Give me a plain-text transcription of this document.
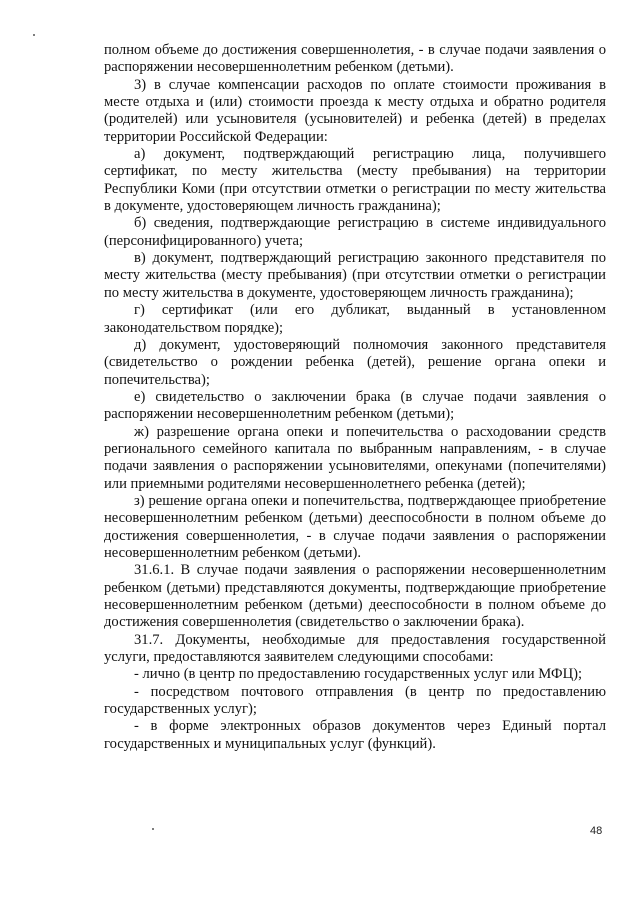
полном объеме до достижения совершеннолетия, - в случае подачи заявления о распоряжении несовершеннолетним ребенком (детьми).

3) в случае компенсации расходов по оплате стоимости проживания в месте отдыха и (или) стоимости проезда к месту отдыха и обратно родителя (родителей) или усыновителя (усыновителей) и ребенка (детей) в пределах территории Российской Федерации:

а) документ, подтверждающий регистрацию лица, получившего сертификат, по месту жительства (месту пребывания) на территории Республики Коми (при отсутствии отметки о регистрации по месту жительства в документе, удостоверяющем личность гражданина);

б) сведения, подтверждающие регистрацию в системе индивидуального (персонифицированного) учета;

в) документ, подтверждающий регистрацию законного представителя по месту жительства (месту пребывания) (при отсутствии отметки о регистрации по месту жительства в документе, удостоверяющем личность гражданина);

г) сертификат (или его дубликат, выданный в установленном законодательством порядке);

д) документ, удостоверяющий полномочия законного представителя (свидетельство о рождении ребенка (детей), решение органа опеки и попечительства);

е) свидетельство о заключении брака (в случае подачи заявления о распоряжении несовершеннолетним ребенком (детьми);

ж) разрешение органа опеки и попечительства о расходовании средств регионального семейного капитала по выбранным направлениям, - в случае подачи заявления о распоряжении усыновителями, опекунами (попечителями) или приемными родителями несовершеннолетнего ребенка (детей);

з) решение органа опеки и попечительства, подтверждающее приобретение несовершеннолетним ребенком (детьми) дееспособности в полном объеме до достижения совершеннолетия, - в случае подачи заявления о распоряжении несовершеннолетним ребенком (детьми).

31.6.1. В случае подачи заявления о распоряжении несовершеннолетним ребенком (детьми) представляются документы, подтверждающие приобретение несовершеннолетним ребенком (детьми) дееспособности в полном объеме до достижения совершеннолетия (свидетельство о заключении брака).

31.7. Документы, необходимые для предоставления государственной услуги, предоставляются заявителем следующими способами:

- лично (в центр по предоставлению государственных услуг или МФЦ);

- посредством почтового отправления (в центр по предоставлению государственных услуг);

- в форме электронных образов документов через Единый портал государственных и муниципальных услуг (функций).

48
